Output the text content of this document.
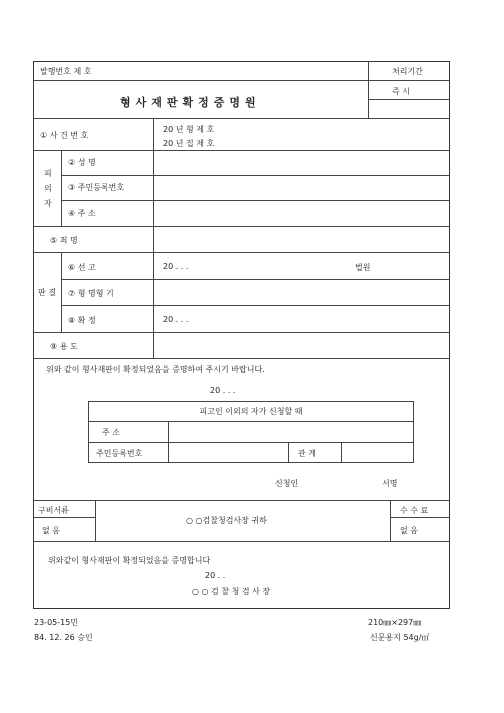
발행번호 제 호	처리기간
즉 시
형사재판확정증명원
① 사 건 번 호
20 년 형 제 호
20 년 집 제 호
피
의
자
② 성 명
③ 주민등록번호
④ 주 소
⑤ 죄 명
판 결
⑥ 선 고	20 . . .	법원
⑦ 형 명형 기
⑧ 확 정	20 . . .
⑨ 용 도
위와 같이 형사재판이 확정되었음을 증명하여 주시기 바랍니다.
20 . . .
피고인 이외의 자가 신청할 때
주 소
주민등록번호	관 계
신청인	서명
구비서류
없 음
○ ○검찰청검사장 귀하
수 수 료
없 음
위와같이 형사재판이 확정되었음을 증명합니다
20 . .
○ ○ 검 찰 청 검 사 장
23-05-15민
84. 12. 26 승인
210㎜×297㎜
신문용지 54g/㎡
